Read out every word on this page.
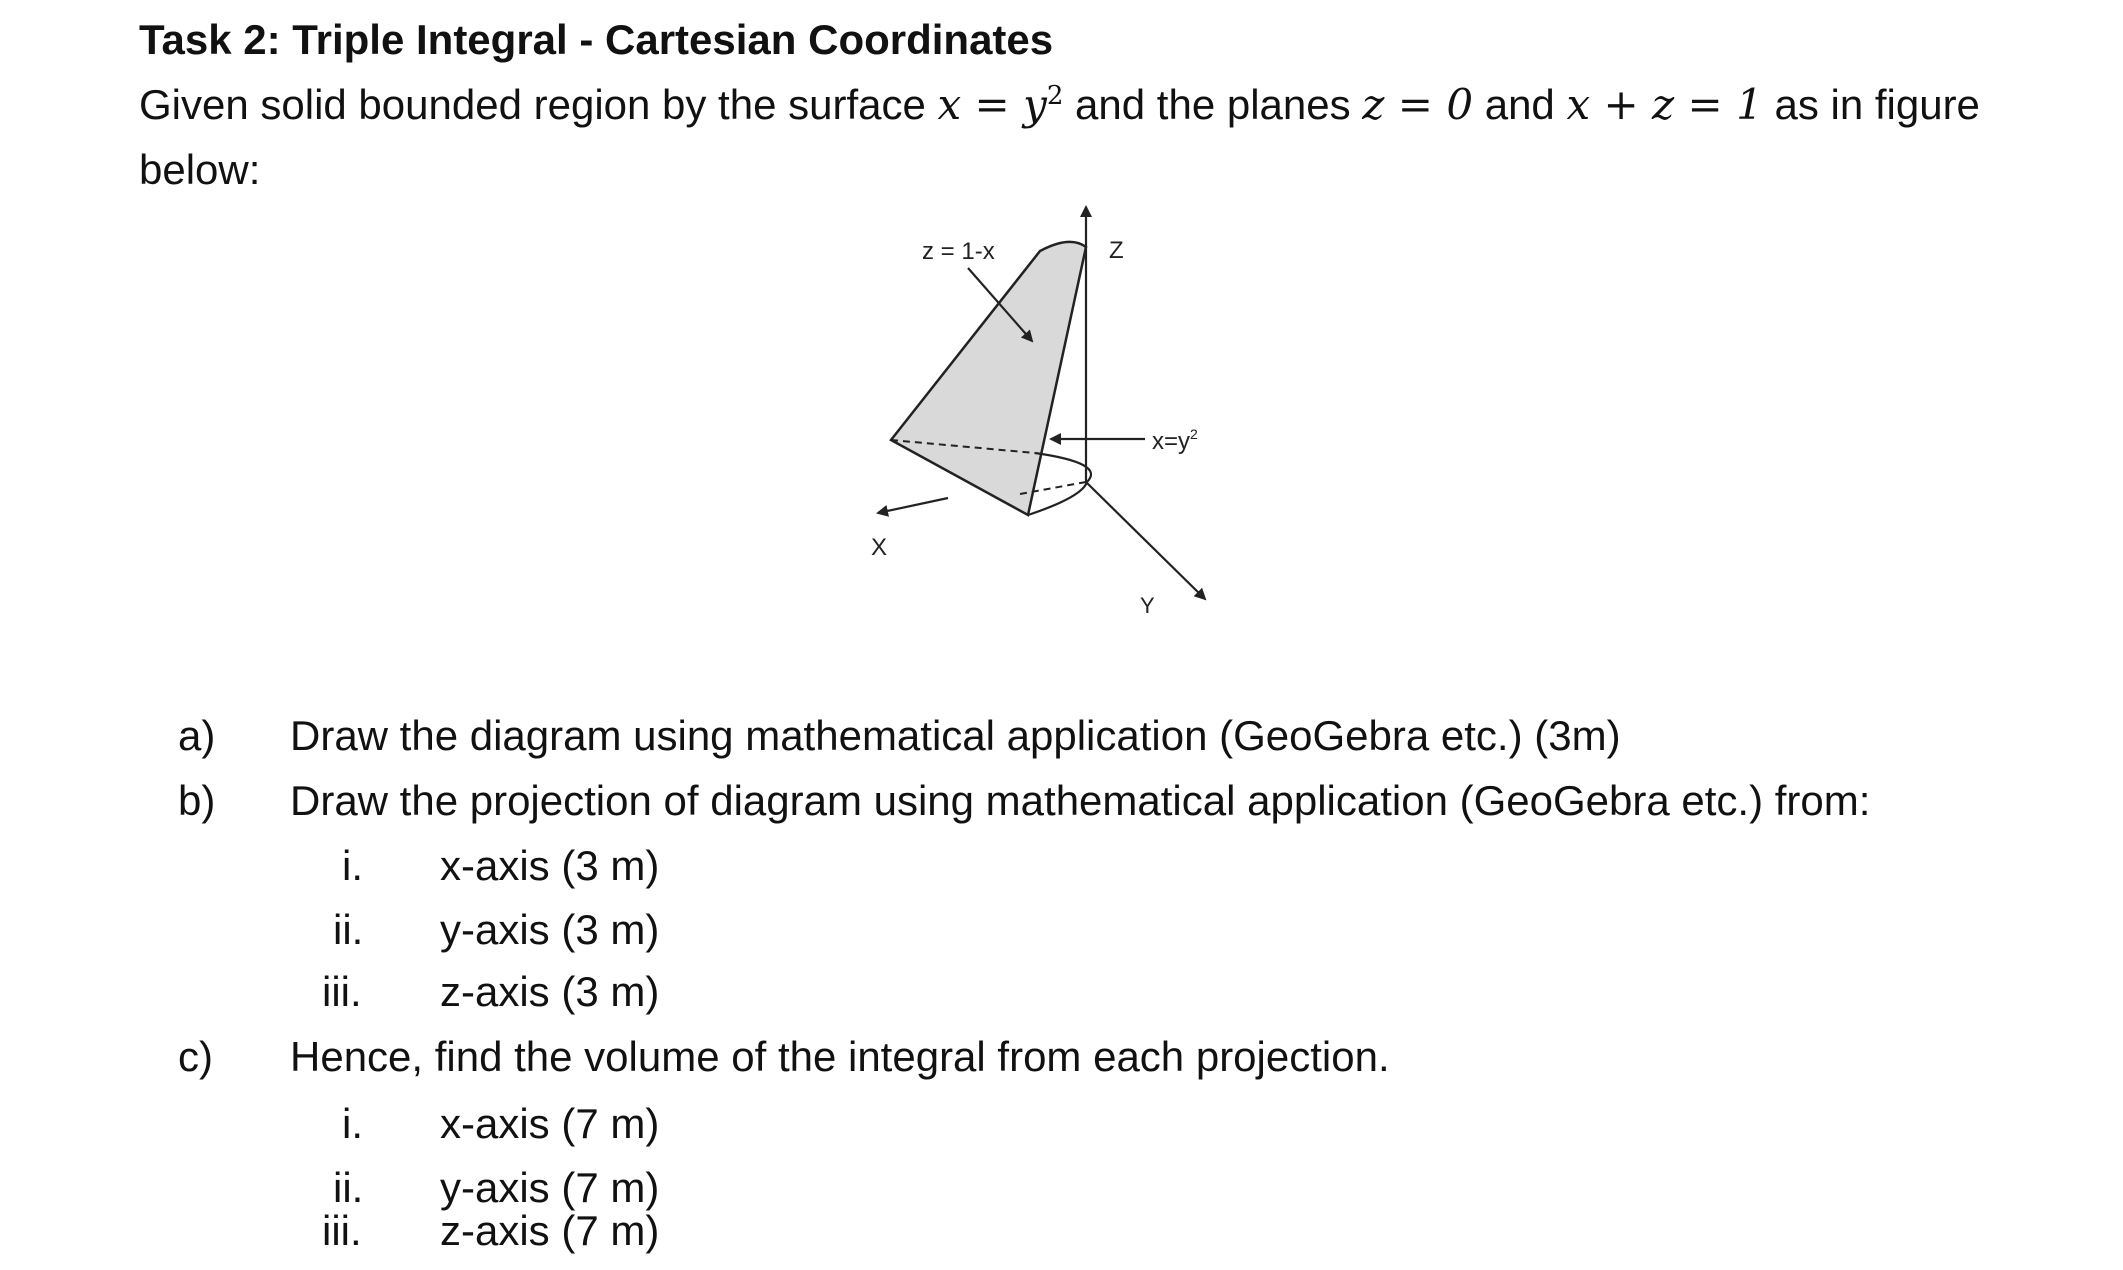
Task 2: Triple Integral - Cartesian Coordinates
Given solid bounded region by the surface $x = y^2$ and the planes z = 0 and x + z = 1 as in figure
below:
z = 1-x	Z
$x=y^2$
X
Y
a) Draw the diagram using mathematical application (GeoGebra etc.) (3m)
b) Draw the projection of diagram using mathematical application (GeoGebra etc.) from:
i. x-axis (3 m)
ii. y-axis (3 m)
iii. z-axis (3 m)
c) Hence, find the volume of the integral from each projection.
i. x-axis (7 m)
ii. y-axis (7 m)
iii. z-axis (7 m)
